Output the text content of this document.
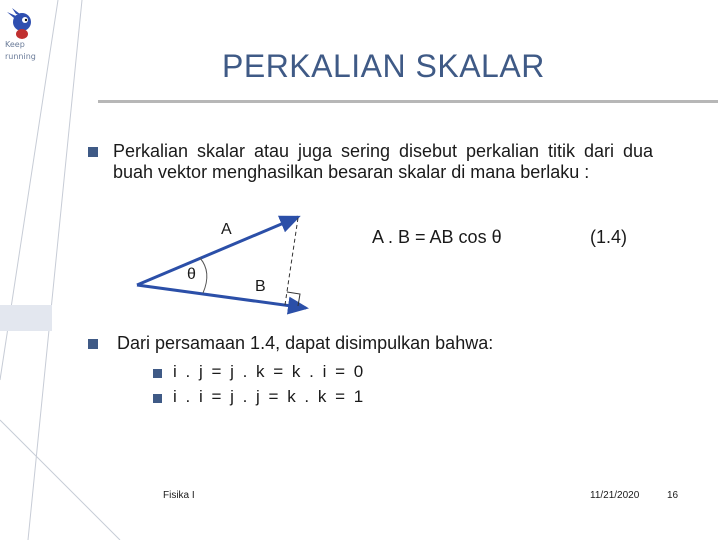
Keep
running	PERKALIAN SKALAR
Perkalian skalar atau juga sering disebut perkalian titik dari dua buah vektor menghasilkan besaran skalar di mana berlaku :
A
B
θ
A . B = AB cos θ	(1.4)
Dari persamaan 1.4, dapat disimpulkan bahwa:
i . j = j . k = k . i = 0
i . i = j . j = k . k = 1
Fisika I	11/21/2020	16
